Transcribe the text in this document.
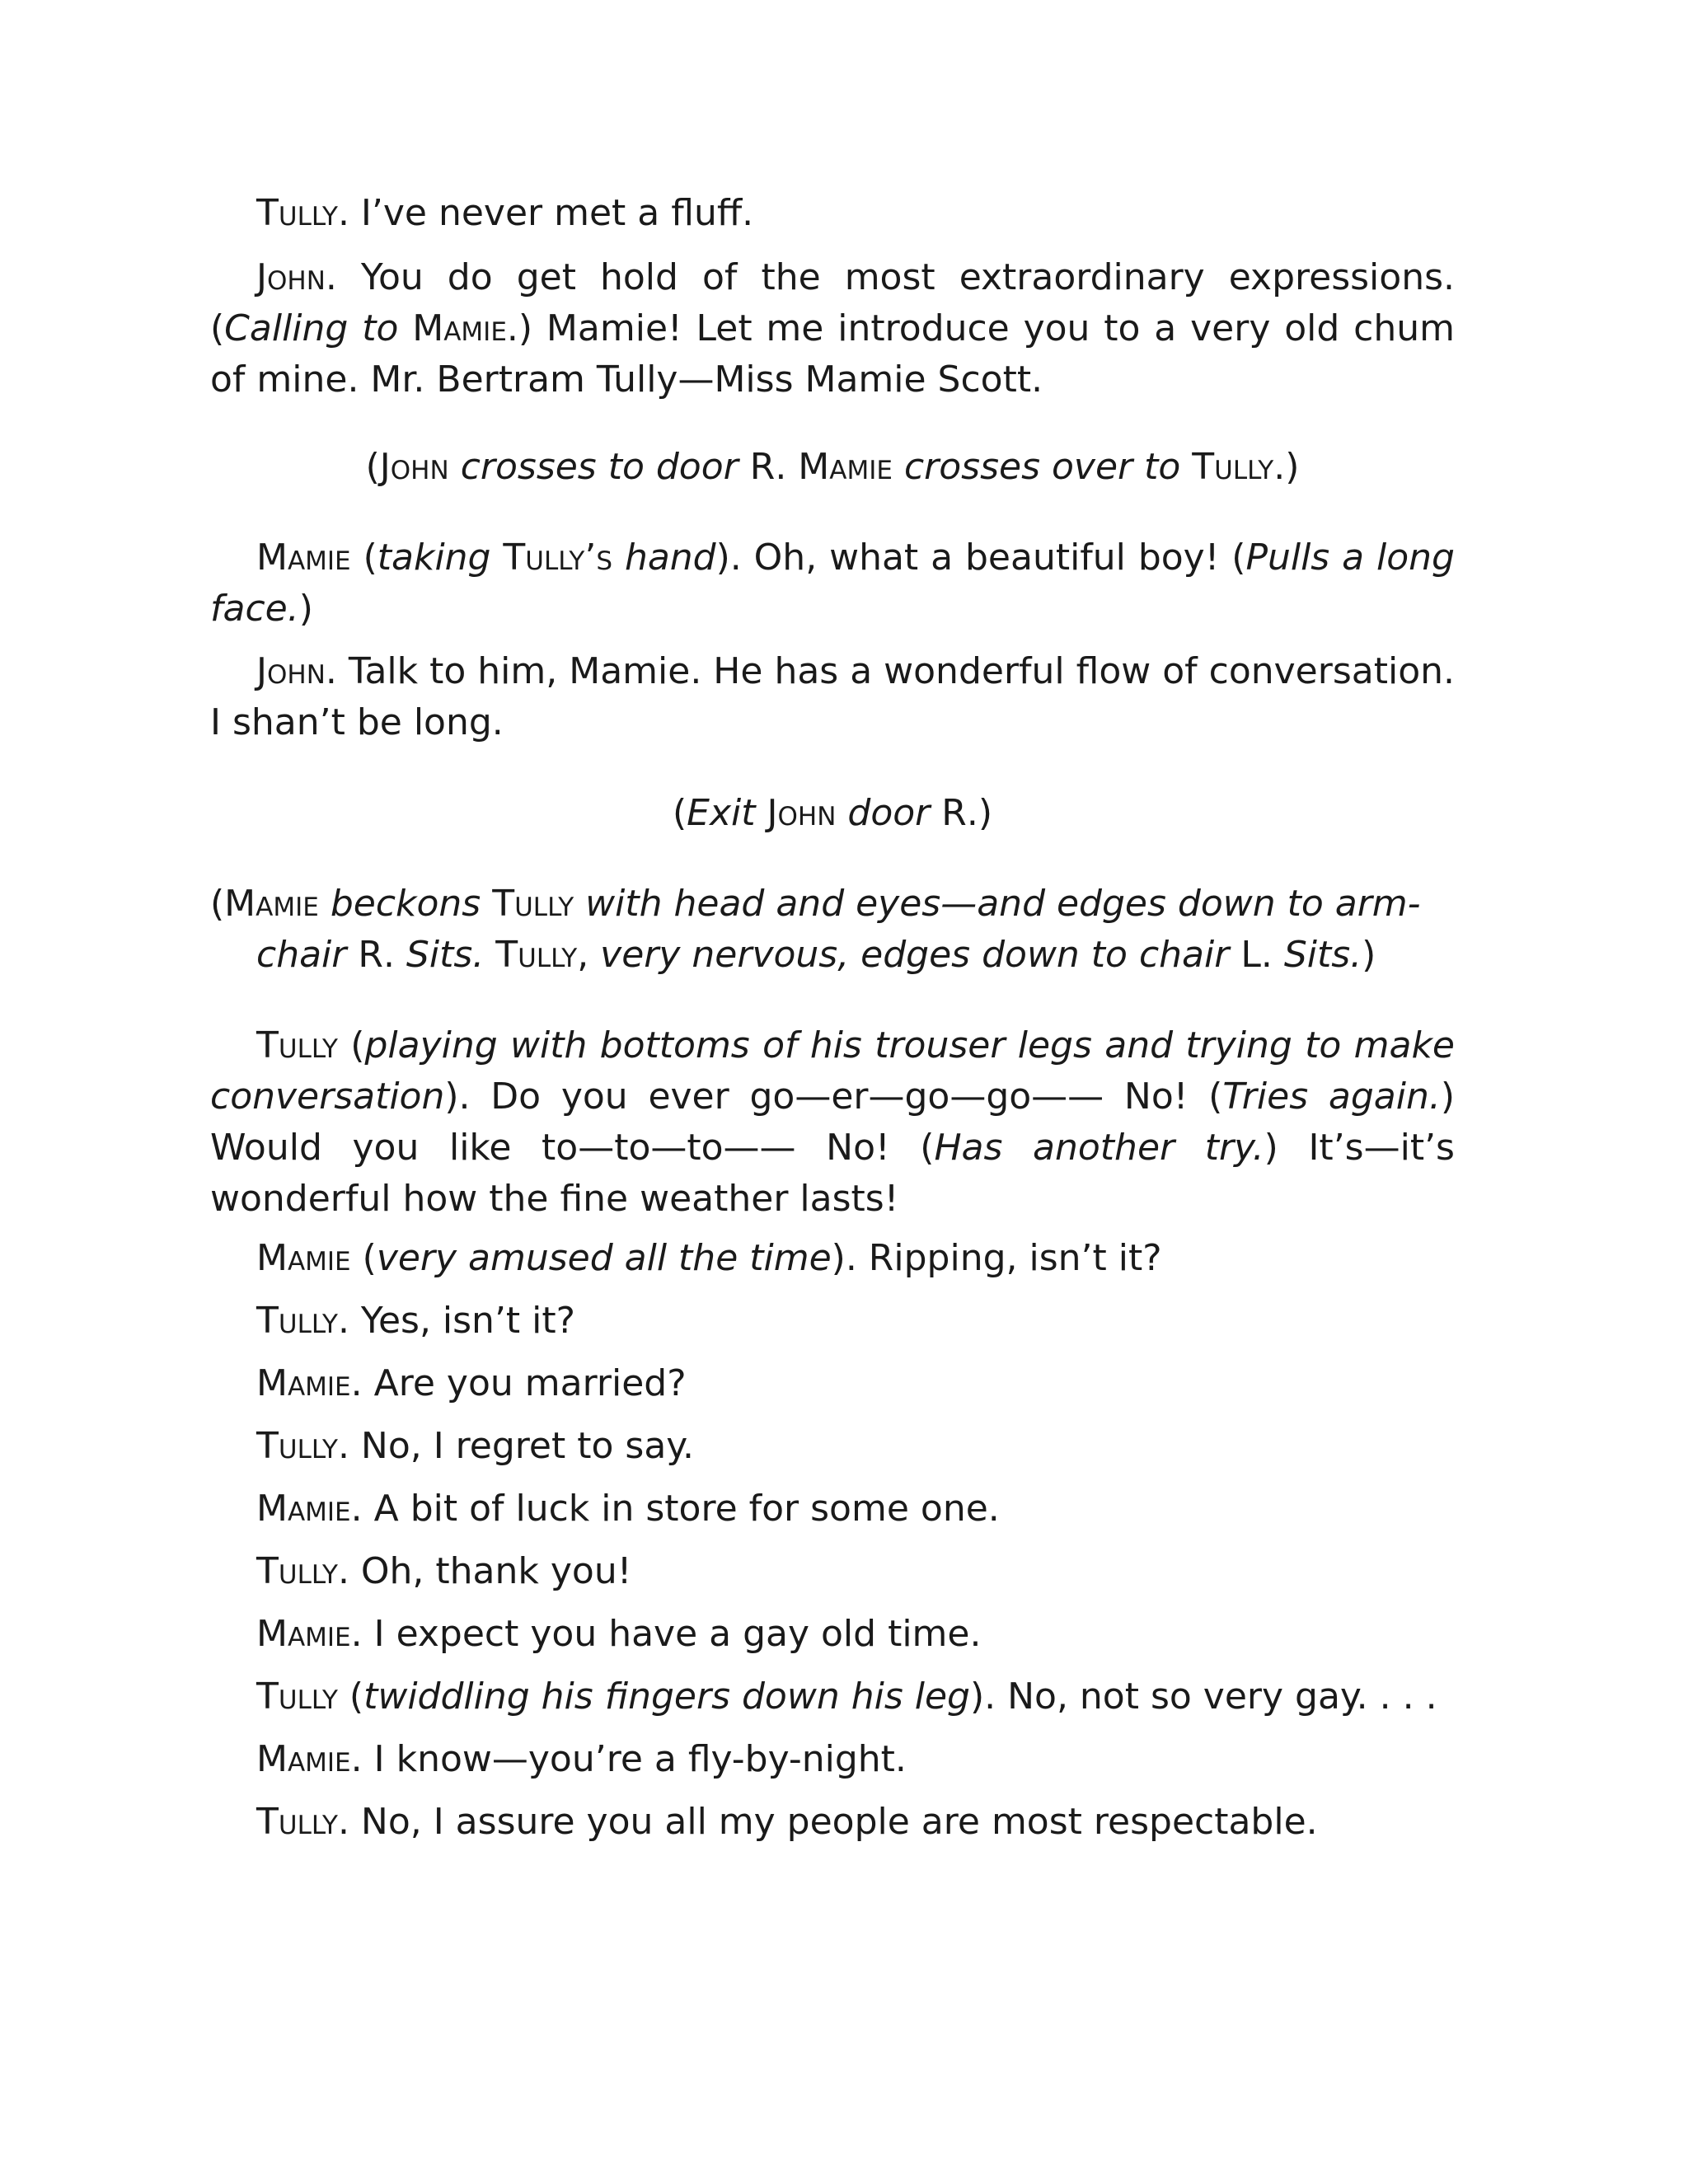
Tully. I’ve never met a fluff.

John. You do get hold of the most extraordinary expressions. (Calling to Mamie.) Mamie! Let me introduce you to a very old chum of mine. Mr. Bertram Tully—Miss Mamie Scott.

(John crosses to door R. Mamie crosses over to Tully.)

Mamie (taking Tully’s hand). Oh, what a beautiful boy! (Pulls a long face.)

John. Talk to him, Mamie. He has a wonderful flow of conversation. I shan’t be long.

(Exit John door R.)

(Mamie beckons Tully with head and eyes—and edges down to arm-chair R. Sits. Tully, very nervous, edges down to chair L. Sits.)

Tully (playing with bottoms of his trouser legs and trying to make conversation). Do you ever go—er—go—go—— No! (Tries again.) Would you like to—to—to—— No! (Has another try.) It’s—it’s wonderful how the fine weather lasts!

Mamie (very amused all the time). Ripping, isn’t it?

Tully. Yes, isn’t it?

Mamie. Are you married?

Tully. No, I regret to say.

Mamie. A bit of luck in store for some one.

Tully. Oh, thank you!

Mamie. I expect you have a gay old time.

Tully (twiddling his fingers down his leg). No, not so very gay. . . .

Mamie. I know—you’re a fly-by-night.

Tully. No, I assure you all my people are most respectable.
